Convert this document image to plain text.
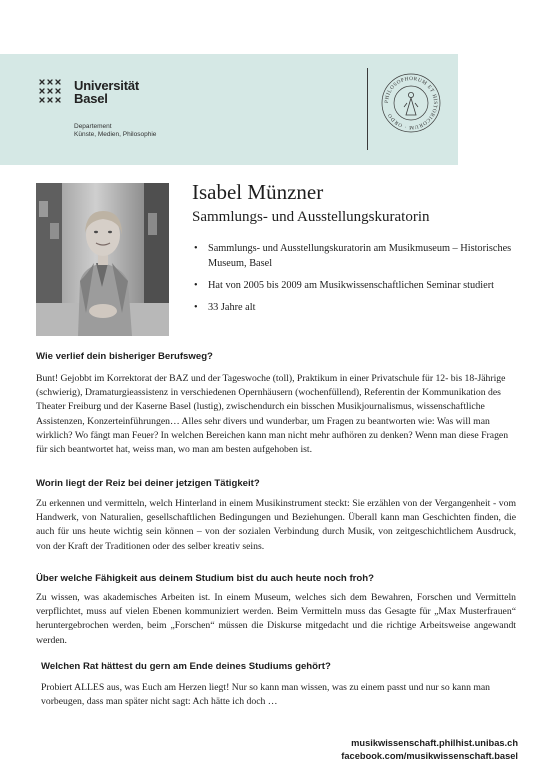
Universität
Basel
Departement
Künste, Medien, Philosophie
PHILOSOPHORUM ET HISTORICORUM · ORDO
Isabel Münzner
Sammlungs- und Ausstellungskuratorin
• Sammlungs- und Ausstellungskuratorin am Musikmuseum – Historisches Museum, Basel
• Hat von 2005 bis 2009 am Musikwissenschaftlichen Seminar studiert
• 33 Jahre alt
Wie verlief dein bisheriger Berufsweg?

Bunt! Gejobbt im Korrektorat der BAZ und der Tageswoche (toll), Praktikum in einer Privatschule für 12- bis 18-Jährige (schwierig), Dramaturgieassistenz in verschiedenen Opernhäusern (wochenfüllend), Referentin der Kommunikation des Theater Freiburg und der Kaserne Basel (lustig), zwischendurch ein bisschen Musikjournalismus, wissenschaftliche Assistenzen, Konzerteinführungen… Alles sehr divers und wunderbar, um Fragen zu beantworten wie: Was will man wirklich? Wo fängt man Feuer? In welchen Bereichen kann man nicht mehr aufhören zu denken? Wenn man diese Fragen für sich beantwortet hat, weiss man, wo man am besten aufgehoben ist.

Worin liegt der Reiz bei deiner jetzigen Tätigkeit?

Zu erkennen und vermitteln, welch Hinterland in einem Musikinstrument steckt: Sie erzählen von der Vergangenheit - vom Handwerk, von Naturalien, gesellschaftlichen Bedingungen und Beziehungen. Überall kann man Geschichten finden, die auch für uns heute wichtig sein können – von der sozialen Verbindung durch Musik, von zeitgeschichtlichem Ausdruck, von der Kraft der Traditionen oder des selber kreativ seins.

Über welche Fähigkeit aus deinem Studium bist du auch heute noch froh?

Zu wissen, was akademisches Arbeiten ist. In einem Museum, welches sich dem Bewahren, Forschen und Vermitteln verpflichtet, muss auf vielen Ebenen kommuniziert werden. Beim Vermitteln muss das Gesagte für „Max Musterfrauen“ heruntergebrochen werden, beim „Forschen“ müssen die Diskurse mitgedacht und die richtige Arbeitsweise angewandt werden.

Welchen Rat hättest du gern am Ende deines Studiums gehört?

Probiert ALLES aus, was Euch am Herzen liegt! Nur so kann man wissen, was zu einem passt und nur so kann man vorbeugen, dass man später nicht sagt: Ach hätte ich doch …

musikwissenschaft.philhist.unibas.ch
facebook.com/musikwissenschaft.basel
